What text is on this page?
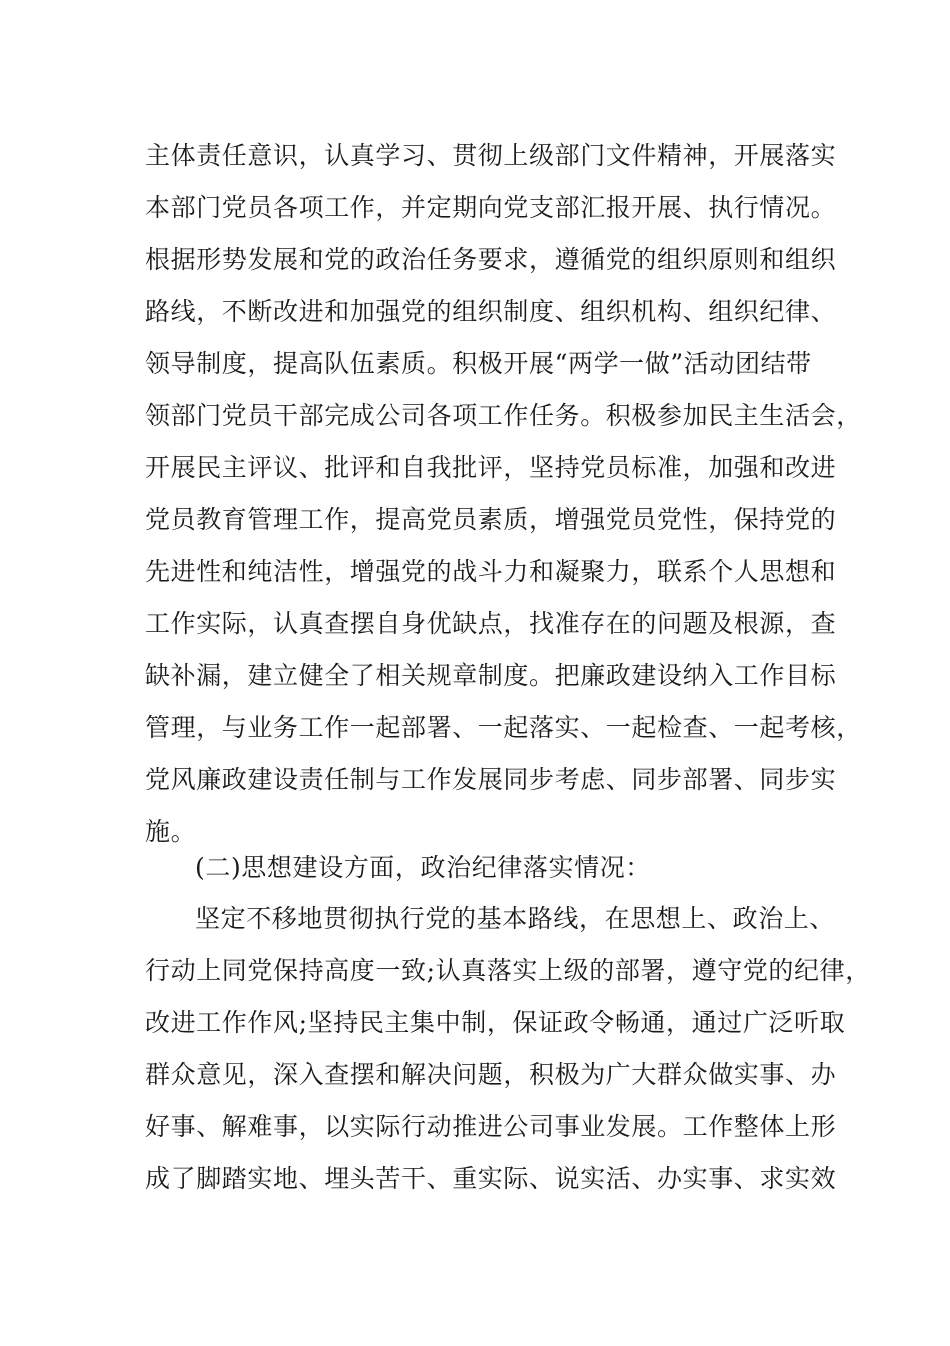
主体责任意识，认真学习、贯彻上级部门文件精神，开展落实
本部门党员各项工作，并定期向党支部汇报开展、执行情况。
根据形势发展和党的政治任务要求，遵循党的组织原则和组织
路线，不断改进和加强党的组织制度、组织机构、组织纪律、
领导制度，提高队伍素质。积极开展“两学一做”活动团结带
领部门党员干部完成公司各项工作任务。积极参加民主生活会，
开展民主评议、批评和自我批评，坚持党员标准，加强和改进
党员教育管理工作，提高党员素质，增强党员党性，保持党的
先进性和纯洁性，增强党的战斗力和凝聚力，联系个人思想和
工作实际，认真查摆自身优缺点，找准存在的问题及根源，查
缺补漏，建立健全了相关规章制度。把廉政建设纳入工作目标
管理，与业务工作一起部署、一起落实、一起检查、一起考核，
党风廉政建设责任制与工作发展同步考虑、同步部署、同步实
施。
(二)思想建设方面，政治纪律落实情况：
坚定不移地贯彻执行党的基本路线，在思想上、政治上、
行动上同党保持高度一致;认真落实上级的部署，遵守党的纪律，
改进工作作风;坚持民主集中制，保证政令畅通，通过广泛听取
群众意见，深入查摆和解决问题，积极为广大群众做实事、办
好事、解难事，以实际行动推进公司事业发展。工作整体上形
成了脚踏实地、埋头苦干、重实际、说实活、办实事、求实效
